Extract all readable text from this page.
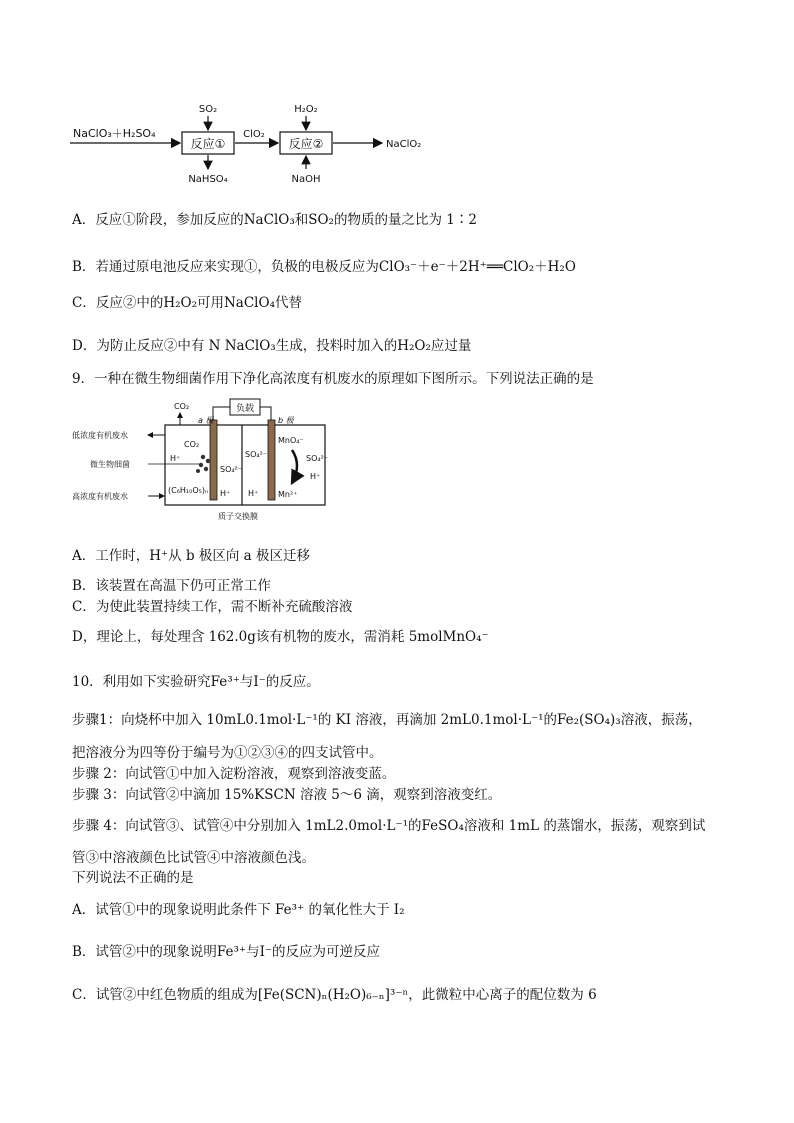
NaClO₃＋H₂SO₄
反应①
SO₂
NaHSO₄
ClO₂
反应②
H₂O₂
NaOH
NaClO₂
A．反应①阶段，参加反应的NaClO₃和SO₂的物质的量之比为 1∶2
B．若通过原电池反应来实现①，负极的电极反应为ClO₃⁻＋e⁻＋2H⁺══ClO₂＋H₂O
C．反应②中的H₂O₂可用NaClO₄代替
D．为防止反应②中有 N NaClO₃生成，投料时加入的H₂O₂应过量
9．一种在微生物细菌作用下净化高浓度有机废水的原理如下图所示。下列说法正确的是
负载
a 极	b 极
CO₂
低浓度有机废水
高浓度有机废水
微生物细菌
CO₂
H⁺
(C₆H₁₀O₅)ₙ
SO₄²⁻
H⁺
SO₄²⁻
H⁺
MnO₄⁻
Mn²⁺
SO₄²⁻
H⁺
质子交换膜
A．工作时，H⁺从 b 极区向 a 极区迁移
B．该装置在高温下仍可正常工作
C．为使此装置持续工作，需不断补充硫酸溶液
D，理论上，每处理含 162.0g该有机物的废水，需消耗 5molMnO₄⁻
10．利用如下实验研究Fe³⁺与I⁻的反应。
步骤1：向烧杯中加入 10mL0.1mol·L⁻¹的 KI 溶液，再滴加 2mL0.1mol·L⁻¹的Fe₂(SO₄)₃溶液，振荡，
把溶液分为四等份于编号为①②③④的四支试管中。
步骤 2：向试管①中加入淀粉溶液，观察到溶液变蓝。
步骤 3：向试管②中滴加 15%KSCN 溶液 5～6 滴，观察到溶液变红。
步骤 4：向试管③、试管④中分别加入 1mL2.0mol·L⁻¹的FeSO₄溶液和 1mL 的蒸馏水，振荡，观察到试
管③中溶液颜色比试管④中溶液颜色浅。
下列说法不正确的是
A．试管①中的现象说明此条件下 Fe³⁺ 的氧化性大于 I₂
B．试管②中的现象说明Fe³⁺与I⁻的反应为可逆反应
C．试管②中红色物质的组成为[Fe(SCN)ₙ(H₂O)₆₋ₙ]³⁻ⁿ，此微粒中心离子的配位数为 6
